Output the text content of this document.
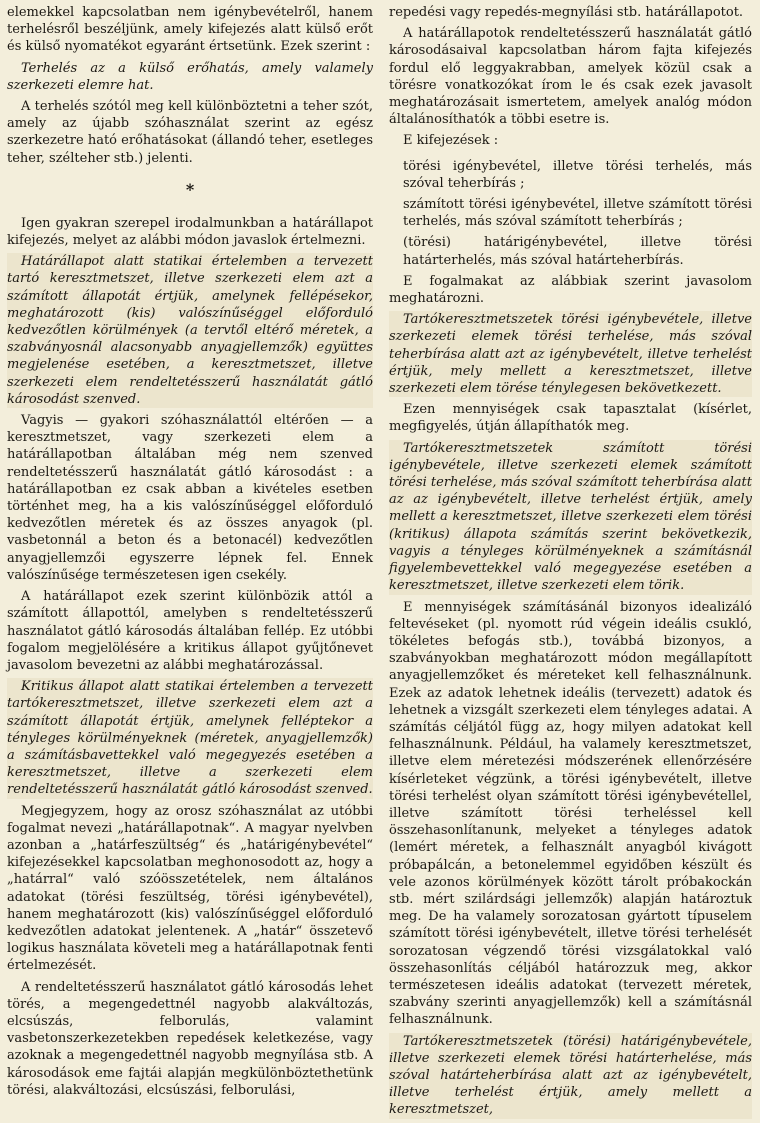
elemekkel kapcsolatban nem igénybevételről, hanem terhelésről beszéljünk, amely kifejezés alatt külső erőt és külső nyomatékot egyaránt értsetünk. Ezek szerint :

Terhelés az a külső erőhatás, amely valamely szerkezeti elemre hat.

A terhelés szótól meg kell különböztetni a teher szót, amely az újabb szóhasználat szerint az egész szerkezetre ható erőhatásokat (állandó teher, esetleges teher, szélteher stb.) jelenti.

*

Igen gyakran szerepel irodalmunkban a határállapot kifejezés, melyet az alábbi módon javaslok értelmezni.

Határállapot alatt statikai értelemben a tervezett tartó keresztmetszet, illetve szerkezeti elem azt a számított állapotát értjük, amelynek fellépésekor, meghatározott (kis) valószínűséggel előforduló kedvezőtlen körülmények (a tervtől eltérő méretek, a szabványosnál alacsonyabb anyagjellemzők) együttes megjelenése esetében, a keresztmetszet, illetve szerkezeti elem rendeltetésszerű használatát gátló károsodást szenved.

Vagyis — gyakori szóhasználattól eltérően — a keresztmetszet, vagy szerkezeti elem a határállapotban általában még nem szenved rendeltetésszerű használatát gátló károsodást : a határállapotban ez csak abban a kivételes esetben történhet meg, ha a kis valószínűséggel előforduló kedvezőtlen méretek és az összes anyagok (pl. vasbetonnál a beton és a betonacél) kedvezőtlen anyagjellemzői egyszerre lépnek fel. Ennek valószínűsége természetesen igen csekély.

A határállapot ezek szerint különbözik attól a számított állapottól, amelyben s rendeltetésszerű használatot gátló károsodás általában fellép. Ez utóbbi fogalom megjelölésére a kritikus állapot gyűjtőnevet javasolom bevezetni az alábbi meghatározással.

Kritikus állapot alatt statikai értelemben a tervezett tartókeresztmetszet, illetve szerkezeti elem azt a számított állapotát értjük, amelynek felléptekor a tényleges körülményeknek (méretek, anyagjellemzők) a számításbavettekkel való megegyezés esetében a keresztmetszet, illetve a szerkezeti elem rendeltetésszerű használatát gátló károsodást szenved.

Megjegyzem, hogy az orosz szóhasználat az utóbbi fogalmat nevezi „határállapotnak“. A magyar nyelvben azonban a „határfeszültség“ és „határigénybevétel“ kifejezésekkel kapcsolatban meghonosodott az, hogy a „határral“ való szóösszetételek, nem általános adatokat (törési feszültség, törési igénybevétel), hanem meghatározott (kis) valószínűséggel előforduló kedvezőtlen adatokat jelentenek. A „határ“ összetevő logikus használata követeli meg a határállapotnak fenti értelmezését.

A rendeltetésszerű használatot gátló károsodás lehet törés, a megengedettnél nagyobb alakváltozás, elcsúszás, felborulás, valamint vasbetonszerkezetekben repedések keletkezése, vagy azoknak a megengedettnél nagyobb megnyílása stb. A károsodások eme fajtái alapján megkülönböztethetünk törési, alakváltozási, elcsúszási, felborulási,

repedési vagy repedés-megnyílási stb. határállapotot.

A határállapotok rendeltetésszerű használatát gátló károsodásaival kapcsolatban három fajta kifejezés fordul elő leggyakrabban, amelyek közül csak a törésre vonatkozókat írom le és csak ezek javasolt meghatározásait ismertetem, amelyek analóg módon általánosíthatók a többi esetre is.

E kifejezések :

törési igénybevétel, illetve törési terhelés, más szóval teherbírás ;

számított törési igénybevétel, illetve számított törési terhelés, más szóval számított teherbírás ;

(törési) határigénybevétel, illetve törési határterhelés, más szóval határteherbírás.

E fogalmakat az alábbiak szerint javasolom meghatározni.

Tartókeresztmetszetek törési igénybevétele, illetve szerkezeti elemek törési terhelése, más szóval teherbírása alatt azt az igénybevételt, illetve terhelést értjük, mely mellett a keresztmetszet, illetve szerkezeti elem törése ténylegesen bekövetkezett.

Ezen mennyiségek csak tapasztalat (kísérlet, megfigyelés, útján állapíthatók meg.

Tartókeresztmetszetek számított törési igénybevétele, illetve szerkezeti elemek számított törési terhelése, más szóval számított teherbírása alatt az az igénybevételt, illetve terhelést értjük, amely mellett a keresztmetszet, illetve szerkezeti elem törési (kritikus) állapota számítás szerint bekövetkezik, vagyis a tényleges körülményeknek a számításnál figyelembevettekkel való megegyezése esetében a keresztmetszet, illetve szerkezeti elem törik.

E mennyiségek számításánál bizonyos idealizáló feltevéseket (pl. nyomott rúd végein ideális csukló, tökéletes befogás stb.), továbbá bizonyos, a szabványokban meghatározott módon megállapított anyagjellemzőket és méreteket kell felhasználnunk. Ezek az adatok lehetnek ideális (tervezett) adatok és lehetnek a vizsgált szerkezeti elem tényleges adatai. A számítás céljától függ az, hogy milyen adatokat kell felhasználnunk. Például, ha valamely keresztmetszet, illetve elem méretezési módszerének ellenőrzésére kísérleteket végzünk, a törési igénybevételt, illetve törési terhelést olyan számított törési igénybevétellel, illetve számított törési terheléssel kell összehasonlítanunk, melyeket a tényleges adatok (lemért méretek, a felhasznált anyagból kivágott próbapálcán, a betonelemmel egyidőben készült és vele azonos körülmények között tárolt próbakockán stb. mért szilárdsági jellemzők) alapján határoztuk meg. De ha valamely sorozatosan gyártott típuselem számított törési igénybevételt, illetve törési terhelését sorozatosan végzendő törési vizsgálatokkal való összehasonlítás céljából határozzuk meg, akkor természetesen ideális adatokat (tervezett méretek, szabvány szerinti anyagjellemzők) kell a számításnál felhasználnunk.

Tartókeresztmetszetek (törési) határigénybevétele, illetve szerkezeti elemek törési határterhelése, más szóval határteherbírása alatt azt az igénybevételt, illetve terhelést értjük, amely mellett a keresztmetszet,
